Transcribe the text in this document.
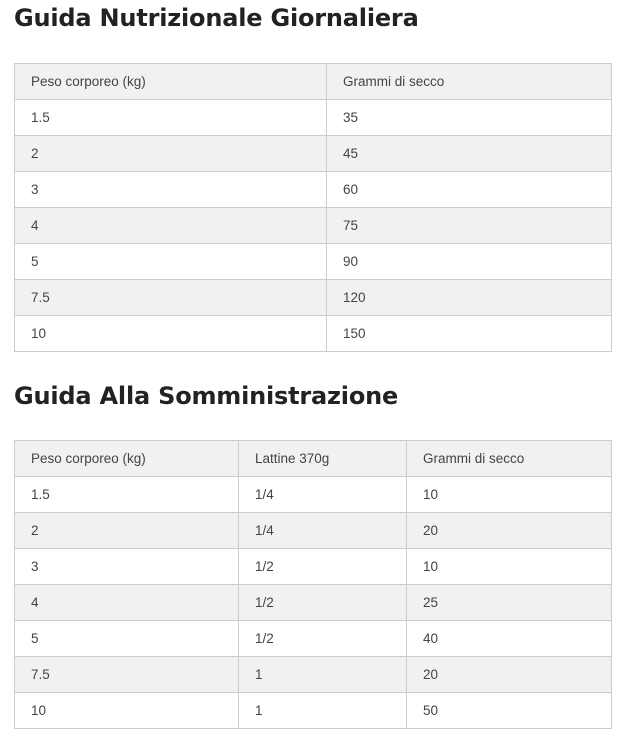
Guida Nutrizionale Giornaliera
Peso corporeo (kg)	Grammi di secco
1.5	35
2	45
3	60
4	75
5	90
7.5	120
10	150
Guida Alla Somministrazione
Peso corporeo (kg)	Lattine 370g	Grammi di secco
1.5	1/4	10
2	1/4	20
3	1/2	10
4	1/2	25
5	1/2	40
7.5	1	20
10	1	50
